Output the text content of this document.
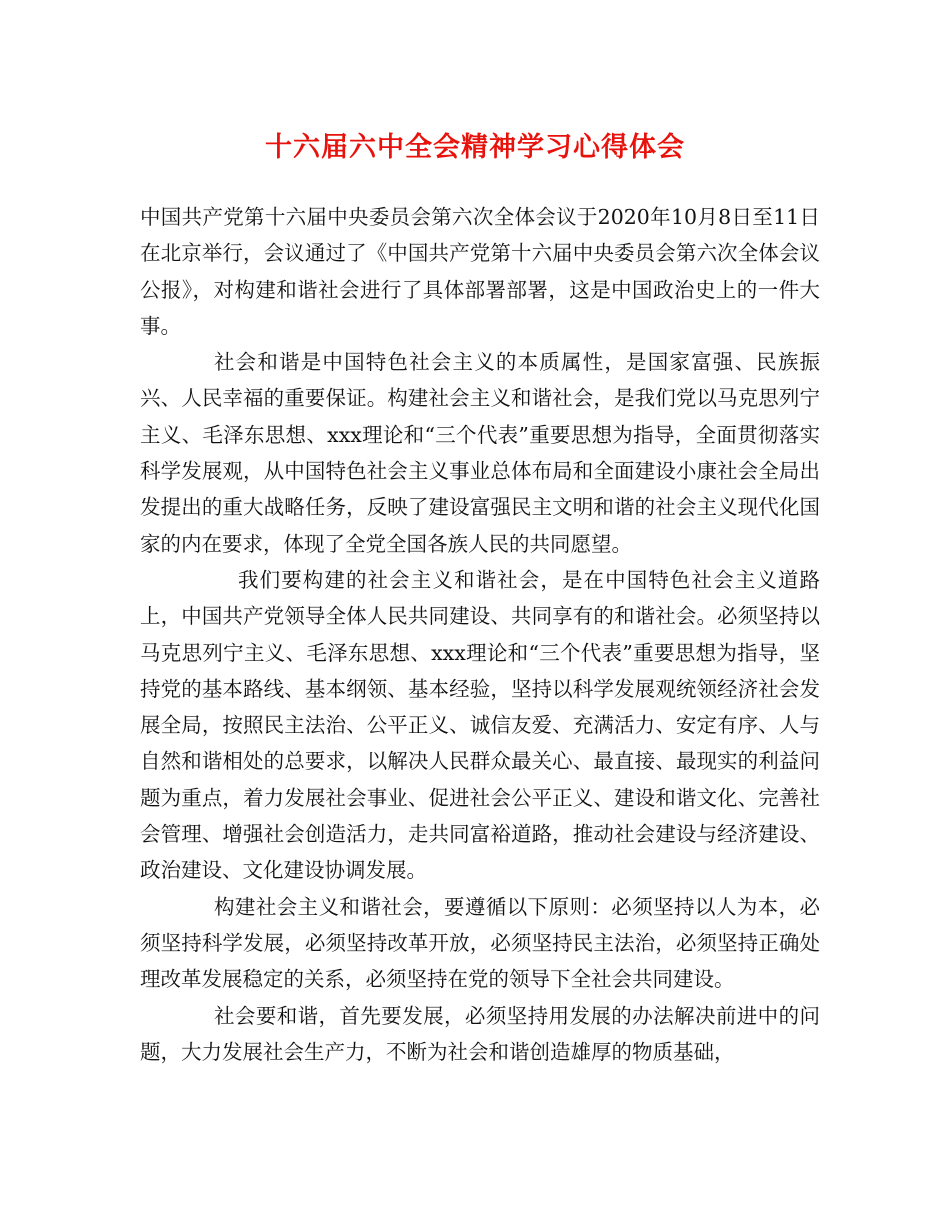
十六届六中全会精神学习心得体会

中国共产党第十六届中央委员会第六次全体会议于2020年10月8日至11日在北京举行，会议通过了《中国共产党第十六届中央委员会第六次全体会议公报》，对构建和谐社会进行了具体部署部署，这是中国政治史上的一件大事。

社会和谐是中国特色社会主义的本质属性，是国家富强、民族振兴、人民幸福的重要保证。构建社会主义和谐社会，是我们党以马克思列宁主义、毛泽东思想、xxx理论和“三个代表”重要思想为指导，全面贯彻落实科学发展观，从中国特色社会主义事业总体布局和全面建设小康社会全局出发提出的重大战略任务，反映了建设富强民主文明和谐的社会主义现代化国家的内在要求，体现了全党全国各族人民的共同愿望。

我们要构建的社会主义和谐社会，是在中国特色社会主义道路上，中国共产党领导全体人民共同建设、共同享有的和谐社会。必须坚持以马克思列宁主义、毛泽东思想、xxx理论和“三个代表”重要思想为指导，坚持党的基本路线、基本纲领、基本经验，坚持以科学发展观统领经济社会发展全局，按照民主法治、公平正义、诚信友爱、充满活力、安定有序、人与自然和谐相处的总要求，以解决人民群众最关心、最直接、最现实的利益问题为重点，着力发展社会事业、促进社会公平正义、建设和谐文化、完善社会管理、增强社会创造活力，走共同富裕道路，推动社会建设与经济建设、政治建设、文化建设协调发展。

构建社会主义和谐社会，要遵循以下原则：必须坚持以人为本，必须坚持科学发展，必须坚持改革开放，必须坚持民主法治，必须坚持正确处理改革发展稳定的关系，必须坚持在党的领导下全社会共同建设。

社会要和谐，首先要发展，必须坚持用发展的办法解决前进中的问题，大力发展社会生产力，不断为社会和谐创造雄厚的物质基础，
